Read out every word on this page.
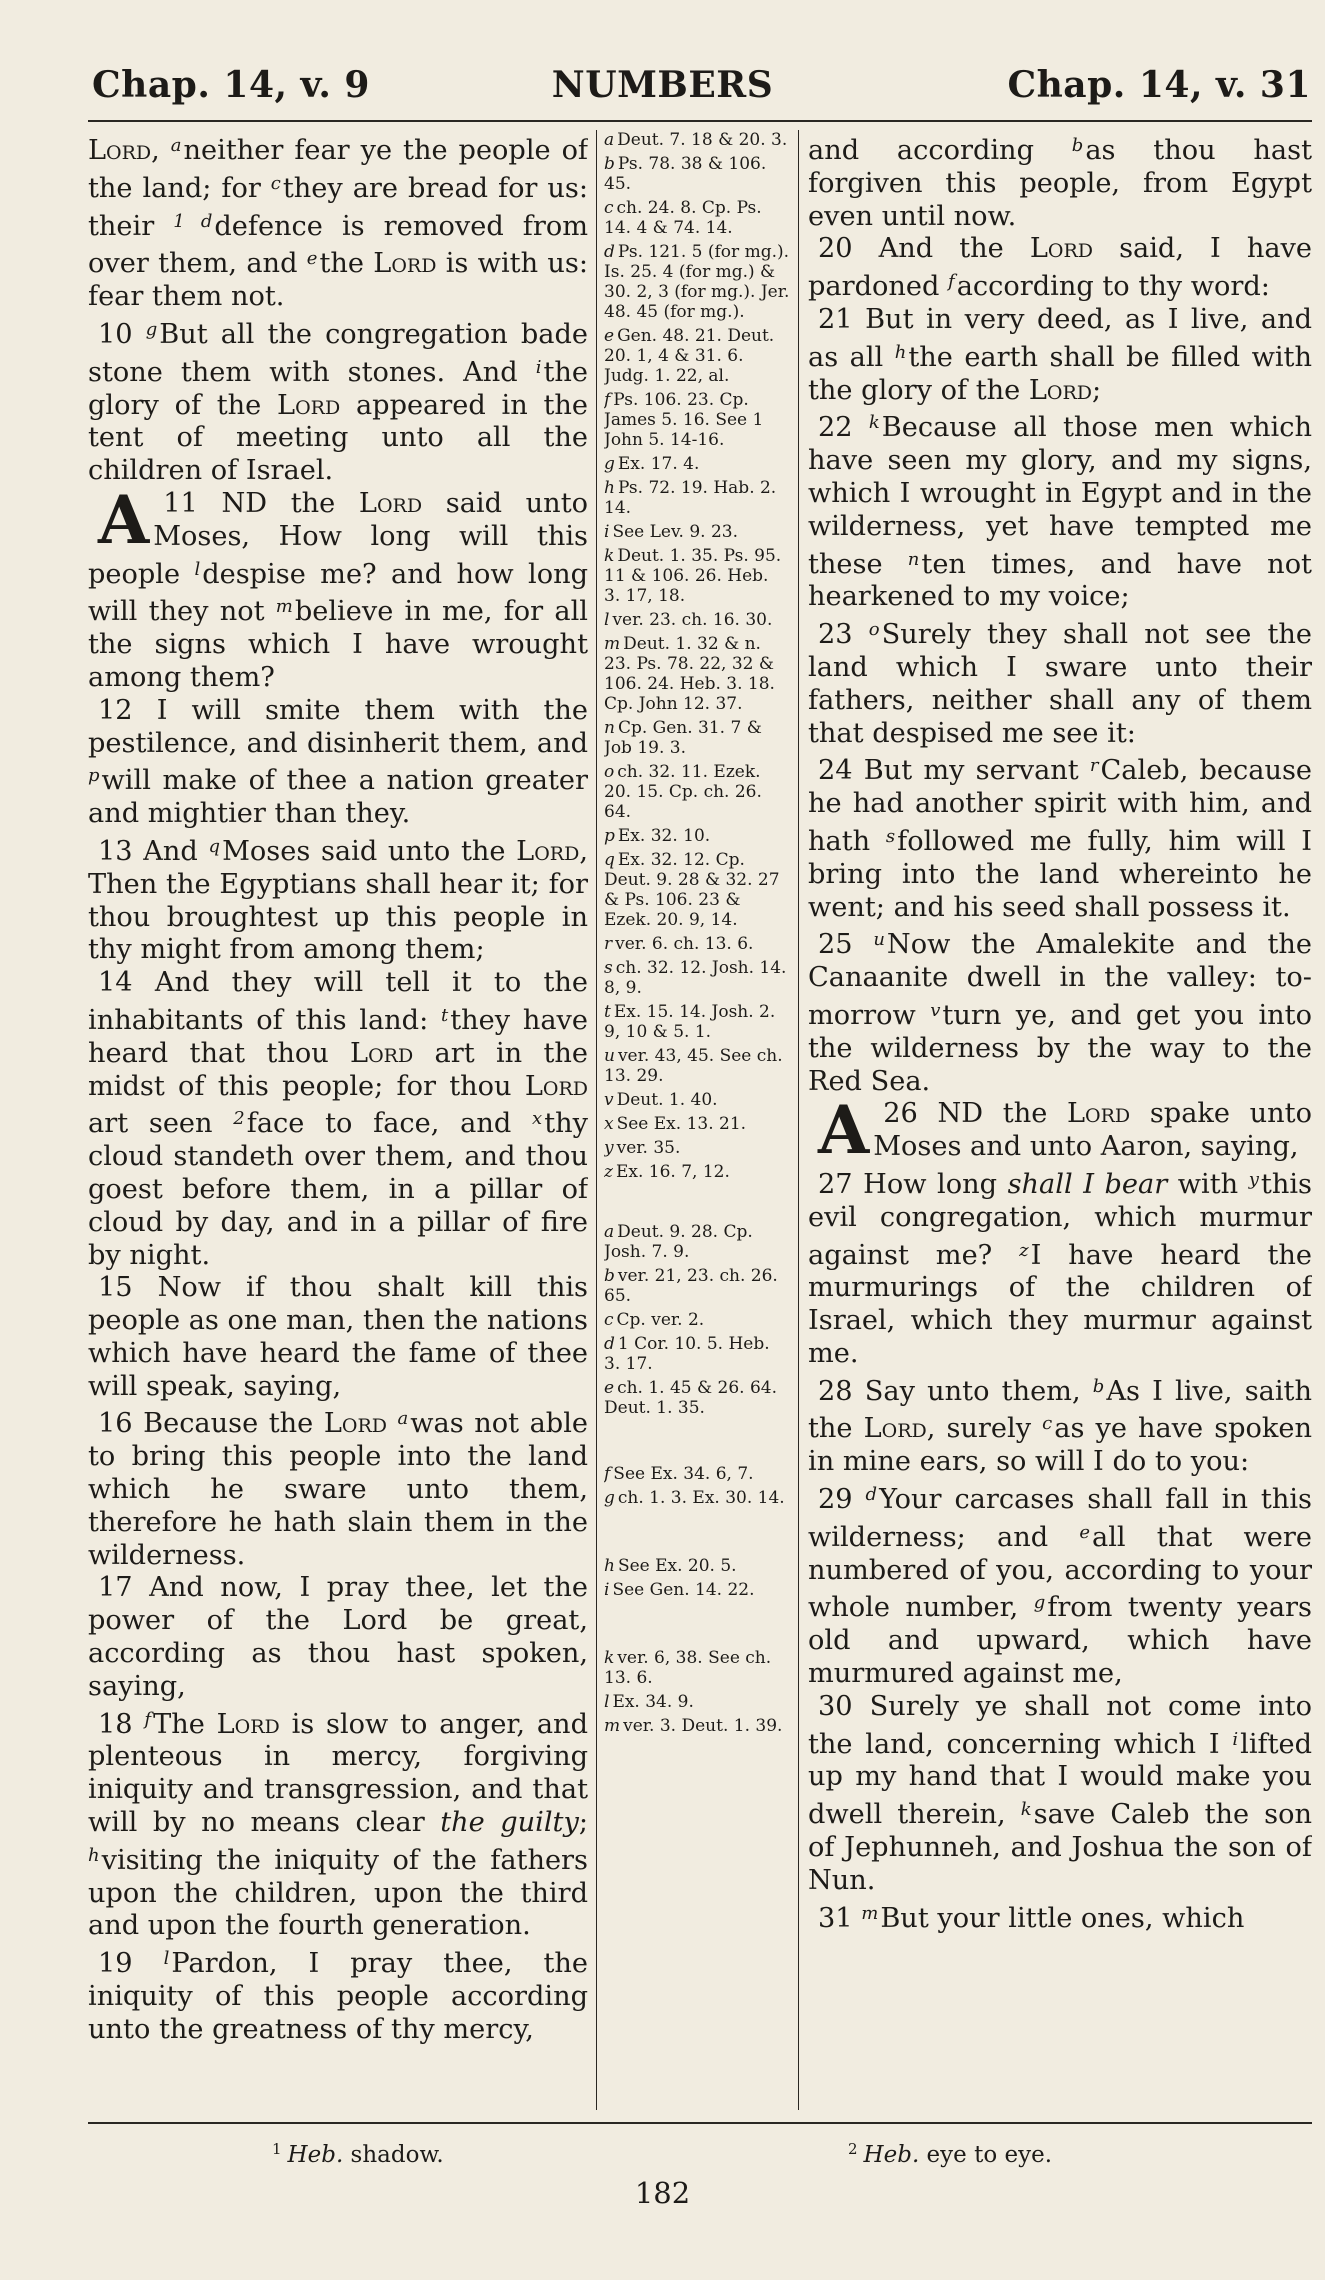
Chap. 14, v. 9	NUMBERS	Chap. 14, v. 31

Lord, $^a$neither fear ye the people of the land; for $^c$they are bread for us: their $^{1 d}$defence is removed from over them, and $^e$the Lord is with us: fear them not.

10 $^g$But all the congregation bade stone them with stones. And $^i$the glory of the Lord appeared in the tent of meeting unto all the children of Israel.

11
A	ND the Lord said unto Moses, How long will this people $^l$despise me? and how long will they not $^m$believe in me, for all the signs which I have wrought among them?

12 I will smite them with the pestilence, and disinherit them, and $^p$will make of thee a nation greater and mightier than they.

13 And $^q$Moses said unto the Lord, Then the Egyptians shall hear it; for thou broughtest up this people in thy might from among them;

14 And they will tell it to the inhabitants of this land: $^t$they have heard that thou Lord art in the midst of this people; for thou Lord art seen $^2$face to face, and $^x$thy cloud standeth over them, and thou goest before them, in a pillar of cloud by day, and in a pillar of fire by night.

15 Now if thou shalt kill this people as one man, then the nations which have heard the fame of thee will speak, saying,

16 Because the Lord $^a$was not able to bring this people into the land which he sware unto them, therefore he hath slain them in the wilderness.

17 And now, I pray thee, let the power of the Lord be great, according as thou hast spoken, saying,

18 $^f$The Lord is slow to anger, and plenteous in mercy, forgiving iniquity and transgression, and that will by no means clear the guilty; $^h$visiting the iniquity of the fathers upon the children, upon the third and upon the fourth generation.

19 $^l$Pardon, I pray thee, the iniquity of this people according unto the greatness of thy mercy,

a Deut. 7. 18 & 20. 3.

b Ps. 78. 38 & 106. 45.

c ch. 24. 8. Cp. Ps. 14. 4 & 74. 14.

d Ps. 121. 5 (for mg.). Is. 25. 4 (for mg.) & 30. 2, 3 (for mg.). Jer. 48. 45 (for mg.).

e Gen. 48. 21. Deut. 20. 1, 4 & 31. 6. Judg. 1. 22, al.

f Ps. 106. 23. Cp. James 5. 16. See 1 John 5. 14-16.

g Ex. 17. 4.

h Ps. 72. 19. Hab. 2. 14.

i See Lev. 9. 23.

k Deut. 1. 35. Ps. 95. 11 & 106. 26. Heb. 3. 17, 18.

l ver. 23. ch. 16. 30.

m Deut. 1. 32 & n. 23. Ps. 78. 22, 32 & 106. 24. Heb. 3. 18. Cp. John 12. 37.

n Cp. Gen. 31. 7 & Job 19. 3.

o ch. 32. 11. Ezek. 20. 15. Cp. ch. 26. 64.

p Ex. 32. 10.

q Ex. 32. 12. Cp. Deut. 9. 28 & 32. 27 & Ps. 106. 23 & Ezek. 20. 9, 14.

r ver. 6. ch. 13. 6.

s ch. 32. 12. Josh. 14. 8, 9.

t Ex. 15. 14. Josh. 2. 9, 10 & 5. 1.

u ver. 43, 45. See ch. 13. 29.

v Deut. 1. 40.

x See Ex. 13. 21.

y ver. 35.

z Ex. 16. 7, 12.

a Deut. 9. 28. Cp. Josh. 7. 9.

b ver. 21, 23. ch. 26. 65.

c Cp. ver. 2.

d 1 Cor. 10. 5. Heb. 3. 17.

e ch. 1. 45 & 26. 64. Deut. 1. 35.

f See Ex. 34. 6, 7.

g ch. 1. 3. Ex. 30. 14.

h See Ex. 20. 5.

i See Gen. 14. 22.

k ver. 6, 38. See ch. 13. 6.

l Ex. 34. 9.

m ver. 3. Deut. 1. 39.

and according $^b$as thou hast forgiven this people, from Egypt even until now.

20 And the Lord said, I have pardoned $^f$according to thy word:

21 But in very deed, as I live, and as all $^h$the earth shall be filled with the glory of the Lord;

22 $^k$Because all those men which have seen my glory, and my signs, which I wrought in Egypt and in the wilderness, yet have tempted me these $^n$ten times, and have not hearkened to my voice;

23 $^o$Surely they shall not see the land which I sware unto their fathers, neither shall any of them that despised me see it:

24 But my servant $^r$Caleb, because he had another spirit with him, and hath $^s$followed me fully, him will I bring into the land whereinto he went; and his seed shall possess it.

25 $^u$Now the Amalekite and the Canaanite dwell in the valley: to-morrow $^v$turn ye, and get you into the wilderness by the way to the Red Sea.

26
A	ND the Lord spake unto Moses and unto Aaron, saying,

27 How long shall I bear with $^y$this evil congregation, which murmur against me? $^z$I have heard the murmurings of the children of Israel, which they murmur against me.

28 Say unto them, $^b$As I live, saith the Lord, surely $^c$as ye have spoken in mine ears, so will I do to you:

29 $^d$Your carcases shall fall in this wilderness; and $^e$all that were numbered of you, according to your whole number, $^g$from twenty years old and upward, which have murmured against me,

30 Surely ye shall not come into the land, concerning which I $^i$lifted up my hand that I would make you dwell therein, $^k$save Caleb the son of Jephunneh, and Joshua the son of Nun.

31 $^m$But your little ones, which

$^1$ Heb. shadow.	$^2$ Heb. eye to eye.
182
